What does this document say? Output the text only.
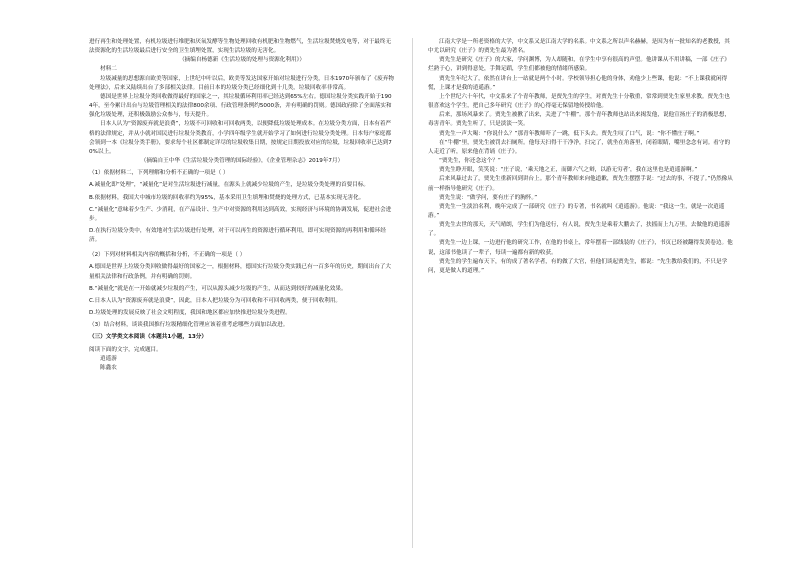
进行再生和处理处置，有机垃圾进行堆肥和厌氧发酵等生物处理回收有机肥和生物燃气，生活垃圾焚烧发电等，对于最终无法资源化的生活垃圾最后进行安全的卫生填埋处置，实现生活垃圾的无害化。

（摘编自杨德新《生活垃圾的处理与资源化利用》）

材料二

垃圾减量的思想源自欧美等国家，上世纪中叶以后，欧美等发达国家开始对垃圾进行分类，日本1970年颁布了《废弃物处理法》，后来又陆续出台了多部相关法律。目前日本的垃圾分类已经细化到十几类，垃圾回收率非常高。

德国是世界上垃圾分类回收做得最好的国家之一，其垃圾循环利用率已经达到65%左右。德国垃圾分类实践开始于1904年，至今累计出台与垃圾管理相关的法律800余项、行政管理条例约5000条，并有明确的罚则。德国政府除了全面落实和强化垃圾处理，还积极鼓励公众参与，每天提升。

日本人认为“资源废弃就是浪费”，垃圾不可回收和可回收两类，以便降低垃圾处理成本。在垃圾分类方面，日本有着严格的法律规定，并从小就对国民进行垃圾分类教育，小学四年级学生就开始学习了如何进行垃圾分类处理。日本每户家庭都会领到一本《垃圾分类手册》，要求每个社区都制定详尽的垃圾收集日期，按规定日期投放对应的垃圾，垃圾回收率已达到70%以上。

（摘编自王中华《生活垃圾分类管理的国际经验》，《企业管理杂志》2019年7月）

（1）依据材料二，下列理解和分析不正确的一项是（ ）

A.减量化即“处理”，“减量化”是对生活垃圾进行减量，在源头上就减少垃圾的产生，是垃圾分类处理的首要目标。

B.依据材料，我国大中城市垃圾的回收率约为95%，基本采用卫生填埋和焚烧的处理方式，已基本实现无害化。

C.“减量化”意味着少生产、少消耗，在产品设计、生产中对资源的利用达到高效，实现经济与环境的协调发展，促进社会进步。

D.在执行垃圾分类中，有效地对生活垃圾进行处理，对于可以再生的资源进行循环利用，即可实现资源的再利用和循环经济。

（2）下列对材料相关内容的概括和分析，不正确的一项是（ ）

A.德国是世界上垃圾分类回收做得最好的国家之一，根据材料，德国实行垃圾分类实践已有一百多年的历史，期间出台了大量相关法律和行政条例，并有明确的罚则。

B.“减量化”就是在一开始就减少垃圾的产生，可以从源头减少垃圾的产生，从而达到较好的减量化效果。

C.日本人认为“资源废弃就是浪费”，因此，日本人把垃圾分为可回收和不可回收两类，便于回收利用。

D.垃圾处理的发展反映了社会文明程度，我国和地区都应加快推进垃圾分类进程。

（3）结合材料，谈谈我国推行垃圾精细化管理应该着重考虑哪些方面加以改进。

（三）文学类文本阅读（本题共1小题，13分）

阅读下面的文字，完成题目。

逍遥游

陈鑫农

江南大学是一所老资格的大学，中文系又是江南大学的名系。中文系之所以声名赫赫，是因为有一批知名的老教授，其中尤以研究《庄子》的贾先生最为著名。

贾先生是研究《庄子》的大家，学问渊博，为人却随和，在学生中享有很高的声望。他讲课从不用讲稿，一部《庄子》烂熟于心，讲到得意处，手舞足蹈，学生们都被他的情绪所感染。

贾先生年纪大了，依然在讲台上一站就是两个小时。学校领导担心他的身体，劝他少上些课，他说：“不上课我就闲得慌，上课才是我的逍遥游。”

上个世纪六十年代，中文系来了个青年教师，是贾先生的学生，对贾先生十分敬重，常常到贾先生家里求教。贾先生也很喜欢这个学生，把自己多年研究《庄子》的心得毫无保留地传授给他。

后来，那场风暴来了。贾先生被揪了出来，关进了“牛棚”。那个青年教师也站出来揭发他，说他宣扬庄子的消极思想，毒害青年。贾先生听了，只是淡淡一笑。

贾先生一声大喝：“你说什么？”那青年教师吓了一跳，低下头去。贾先生叹了口气，说：“你不懂庄子啊。”

在“牛棚”里，贾先生被罚去扫厕所。他每天扫得干干净净，扫完了，就坐在角落里，闭着眼睛，嘴里念念有词。看守的人走近了听，原来他在背诵《庄子》。

“贾先生，你还念这个？”

贾先生睁开眼，笑笑说：“庄子说，‘乘天地之正，而御六气之辩，以游无穷者’，我在这里也是逍遥游啊。”

后来风暴过去了，贾先生重新回到讲台上。那个青年教师来向他道歉，贾先生摆摆手说：“过去的事，不提了。”仍然像从前一样指导他研究《庄子》。

贾先生说：“做学问，要有庄子的胸怀。”

贾先生一生淡泊名利，晚年完成了一部研究《庄子》的专著，书名就叫《逍遥游》。他说：“我这一生，就是一次逍遥游。”

贾先生去世的那天，天气晴朗，学生们为他送行，有人说，贾先生是乘着大鹏去了，扶摇而上九万里，去做他的逍遥游了。

贾先生一边上课，一边进行他的研究工作，在他的书桌上，常年摆着一部线装的《庄子》，书页已经被翻得发黄卷边。他说，这部书他读了一辈子，每读一遍都有新的收获。

贾先生的学生遍布天下，有的成了著名学者，有的做了大官，但他们谈起贾先生，都说：“先生教给我们的，不只是学问，更是做人的道理。”
